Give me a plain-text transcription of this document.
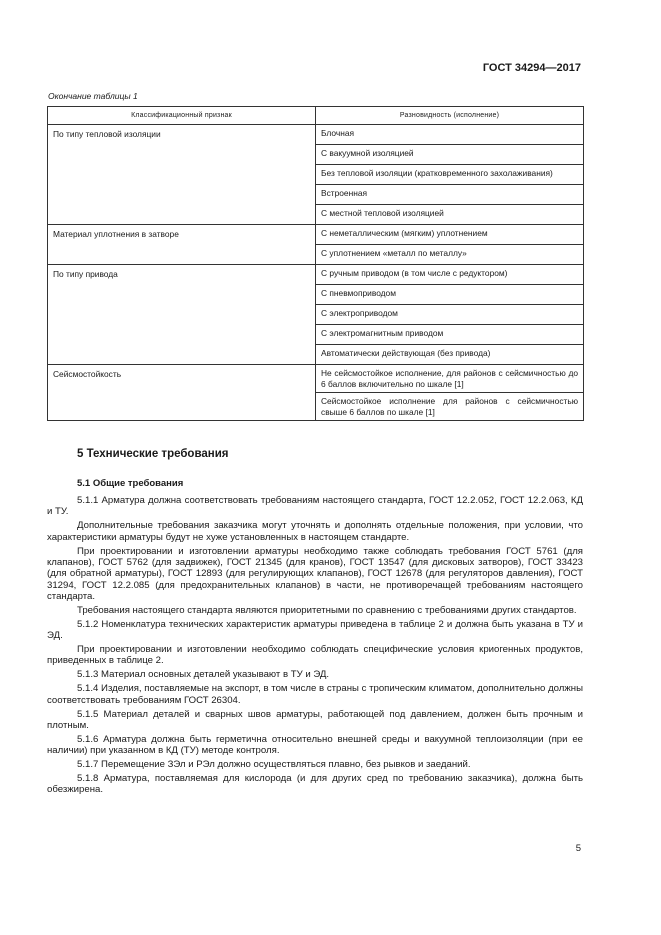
ГОСТ 34294—2017
Окончание таблицы 1
Классификационный признак	Разновидность (исполнение)
По типу тепловой изоляции	Блочная
	С вакуумной изоляцией
	Без тепловой изоляции (кратковременного захолаживания)
	Встроенная
	С местной тепловой изоляцией
Материал уплотнения в затворе	С неметаллическим (мягким) уплотнением
	С уплотнением «металл по металлу»
По типу привода	С ручным приводом (в том числе с редуктором)
	С пневмоприводом
	С электроприводом
	С электромагнитным приводом
	Автоматически действующая (без привода)
Сейсмостойкость	Не сейсмостойкое исполнение, для районов с сейсмичностью до 6 баллов включительно по шкале [1]
	Сейсмостойкое исполнение для районов с сейсмичностью свыше 6 баллов по шкале [1]
5 Технические требования
5.1 Общие требования

5.1.1 Арматура должна соответствовать требованиям настоящего стандарта, ГОСТ 12.2.052, ГОСТ 12.2.063, КД и ТУ.

Дополнительные требования заказчика могут уточнять и дополнять отдельные положения, при условии, что характеристики арматуры будут не хуже установленных в настоящем стандарте.

При проектировании и изготовлении арматуры необходимо также соблюдать требования ГОСТ 5761 (для клапанов), ГОСТ 5762 (для задвижек), ГОСТ 21345 (для кранов), ГОСТ 13547 (для дисковых затворов), ГОСТ 33423 (для обратной арматуры), ГОСТ 12893 (для регулирующих клапанов), ГОСТ 12678 (для регуляторов давления), ГОСТ 31294, ГОСТ 12.2.085 (для предохранительных клапанов) в части, не противоречащей требованиям настоящего стандарта.

Требования настоящего стандарта являются приоритетными по сравнению с требованиями других стандартов.

5.1.2 Номенклатура технических характеристик арматуры приведена в таблице 2 и должна быть указана в ТУ и ЭД.

При проектировании и изготовлении необходимо соблюдать специфические условия криогенных продуктов, приведенных в таблице 2.

5.1.3 Материал основных деталей указывают в ТУ и ЭД.

5.1.4 Изделия, поставляемые на экспорт, в том числе в страны с тропическим климатом, дополнительно должны соответствовать требованиям ГОСТ 26304.

5.1.5 Материал деталей и сварных швов арматуры, работающей под давлением, должен быть прочным и плотным.

5.1.6 Арматура должна быть герметична относительно внешней среды и вакуумной теплоизоляции (при ее наличии) при указанном в КД (ТУ) методе контроля.

5.1.7 Перемещение ЗЭл и РЭл должно осуществляться плавно, без рывков и заеданий.

5.1.8 Арматура, поставляемая для кислорода (и для других сред по требованию заказчика), должна быть обезжирена.

5
